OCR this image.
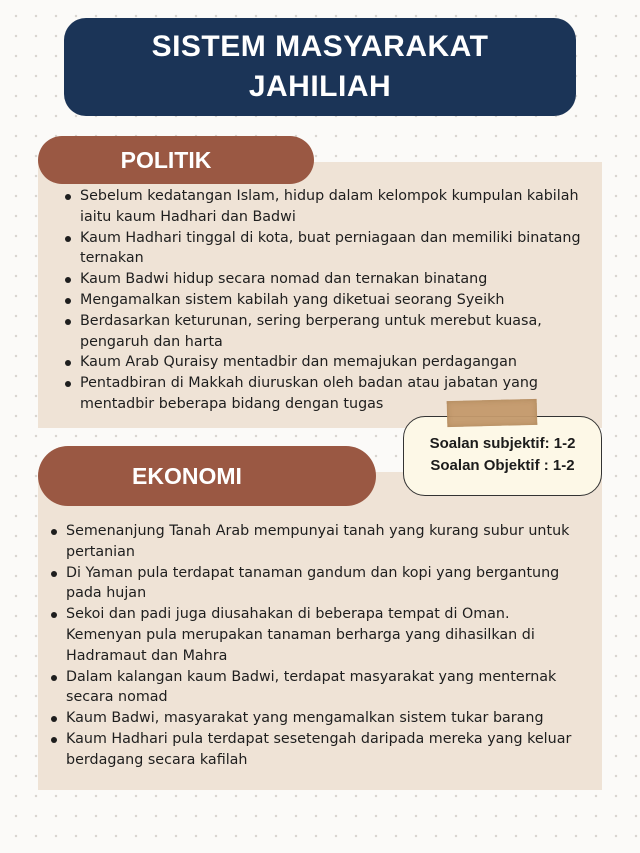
SISTEM MASYARAKAT
JAHILIAH
POLITIK
Sebelum kedatangan Islam, hidup dalam kelompok kumpulan kabilah iaitu kaum Hadhari dan Badwi
Kaum Hadhari tinggal di kota, buat perniagaan dan memiliki binatang ternakan
Kaum Badwi hidup secara nomad dan ternakan binatang
Mengamalkan sistem kabilah yang diketuai seorang Syeikh
Berdasarkan keturunan, sering berperang untuk merebut kuasa, pengaruh dan harta
Kaum Arab Quraisy mentadbir dan memajukan perdagangan
Pentadbiran di Makkah diuruskan oleh badan atau jabatan yang mentadbir beberapa bidang dengan tugas
EKONOMI
Semenanjung Tanah Arab mempunyai tanah yang kurang subur untuk pertanian
Di Yaman pula terdapat tanaman gandum dan kopi yang bergantung pada hujan
Sekoi dan padi juga diusahakan di beberapa tempat di Oman. Kemenyan pula merupakan tanaman berharga yang dihasilkan di Hadramaut dan Mahra
Dalam kalangan kaum Badwi, terdapat masyarakat yang menternak secara nomad
Kaum Badwi, masyarakat yang mengamalkan sistem tukar barang
Kaum Hadhari pula terdapat sesetengah daripada mereka yang keluar berdagang secara kafilah
Soalan subjektif: 1-2
Soalan Objektif : 1-2
